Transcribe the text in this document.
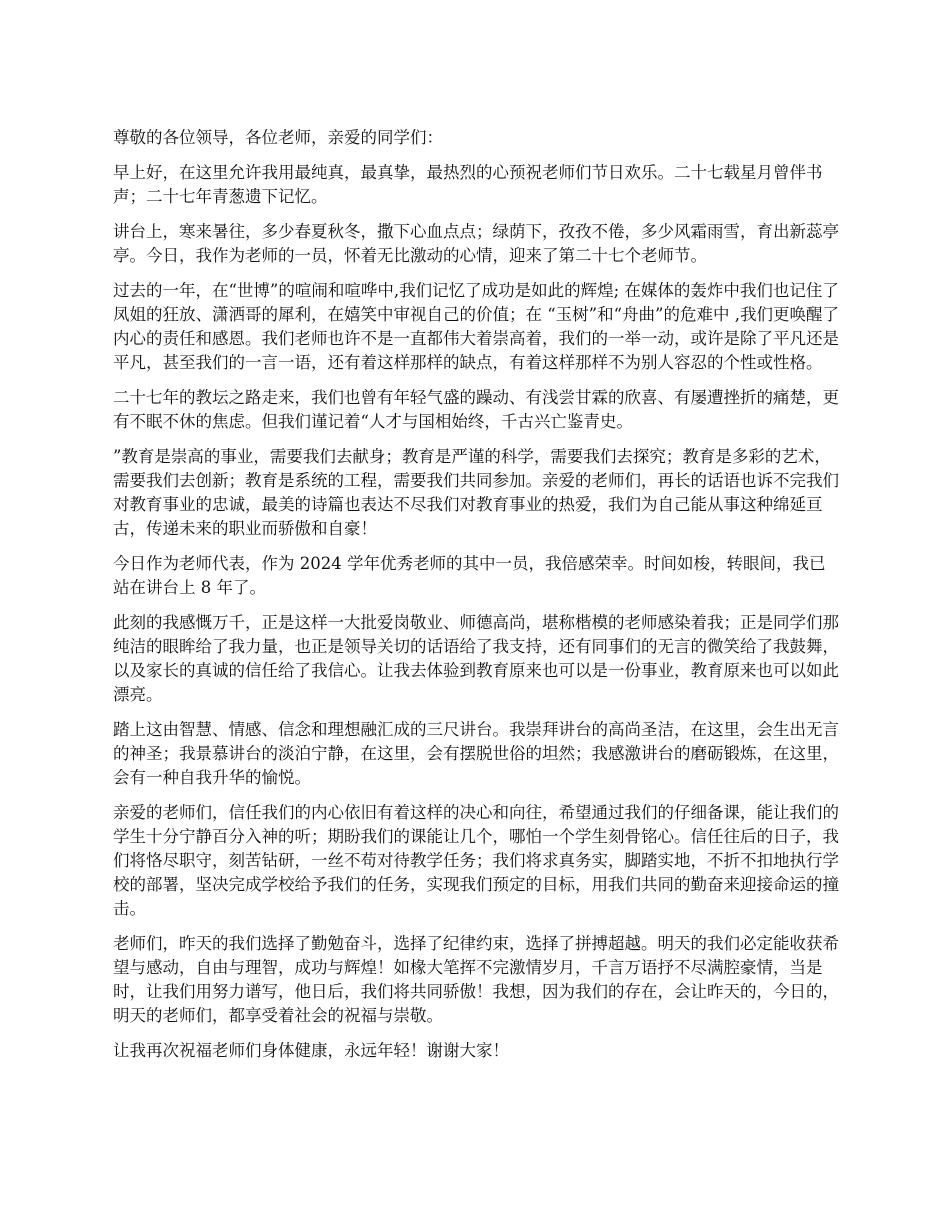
尊敬的各位领导，各位老师，亲爱的同学们：

早上好，在这里允许我用最纯真，最真挚，最热烈的心预祝老师们节日欢乐。二十七载星月曾伴书声；二十七年青葱遗下记忆。

讲台上，寒来暑往，多少春夏秋冬，撒下心血点点；绿荫下，孜孜不倦，多少风霜雨雪，育出新蕊亭亭。今日，我作为老师的一员，怀着无比激动的心情，迎来了第二十七个老师节。

过去的一年，在“世博”的喧闹和喧哗中,我们记忆了成功是如此的辉煌; 在媒体的轰炸中我们也记住了凤姐的狂放、潇洒哥的犀利，在嬉笑中审视自己的价值；在 “玉树”和“舟曲”的危难中 ,我们更唤醒了内心的责任和感恩。我们老师也许不是一直都伟大着崇高着，我们的一举一动，或许是除了平凡还是平凡，甚至我们的一言一语，还有着这样那样的缺点，有着这样那样不为别人容忍的个性或性格。

二十七年的教坛之路走来，我们也曾有年轻气盛的躁动、有浅尝甘霖的欣喜、有屡遭挫折的痛楚，更有不眠不休的焦虑。但我们谨记着“人才与国相始终，千古兴亡鉴青史。

”教育是崇高的事业，需要我们去献身；教育是严谨的科学，需要我们去探究；教育是多彩的艺术，需要我们去创新；教育是系统的工程，需要我们共同参加。亲爱的老师们，再长的话语也诉不完我们对教育事业的忠诚，最美的诗篇也表达不尽我们对教育事业的热爱，我们为自己能从事这种绵延亘古，传递未来的职业而骄傲和自豪！

今日作为老师代表，作为 2024 学年优秀老师的其中一员，我倍感荣幸。时间如梭，转眼间，我已站在讲台上 8 年了。

此刻的我感慨万千，正是这样一大批爱岗敬业、师德高尚，堪称楷模的老师感染着我；正是同学们那纯洁的眼眸给了我力量，也正是领导关切的话语给了我支持，还有同事们的无言的微笑给了我鼓舞，以及家长的真诚的信任给了我信心。让我去体验到教育原来也可以是一份事业，教育原来也可以如此漂亮。

踏上这由智慧、情感、信念和理想融汇成的三尺讲台。我崇拜讲台的高尚圣洁，在这里，会生出无言的神圣；我景慕讲台的淡泊宁静，在这里，会有摆脱世俗的坦然；我感激讲台的磨砺锻炼，在这里，会有一种自我升华的愉悦。

亲爱的老师们，信任我们的内心依旧有着这样的决心和向往，希望通过我们的仔细备课，能让我们的学生十分宁静百分入神的听；期盼我们的课能让几个，哪怕一个学生刻骨铭心。信任往后的日子，我们将恪尽职守，刻苦钻研，一丝不苟对待教学任务；我们将求真务实，脚踏实地，不折不扣地执行学校的部署，坚决完成学校给予我们的任务，实现我们预定的目标，用我们共同的勤奋来迎接命运的撞击。

老师们，昨天的我们选择了勤勉奋斗，选择了纪律约束，选择了拼搏超越。明天的我们必定能收获希望与感动，自由与理智，成功与辉煌！如椽大笔挥不完激情岁月，千言万语抒不尽满腔豪情，当是时，让我们用努力谱写，他日后，我们将共同骄傲！我想，因为我们的存在，会让昨天的，今日的，明天的老师们，都享受着社会的祝福与崇敬。

让我再次祝福老师们身体健康，永远年轻！谢谢大家！
